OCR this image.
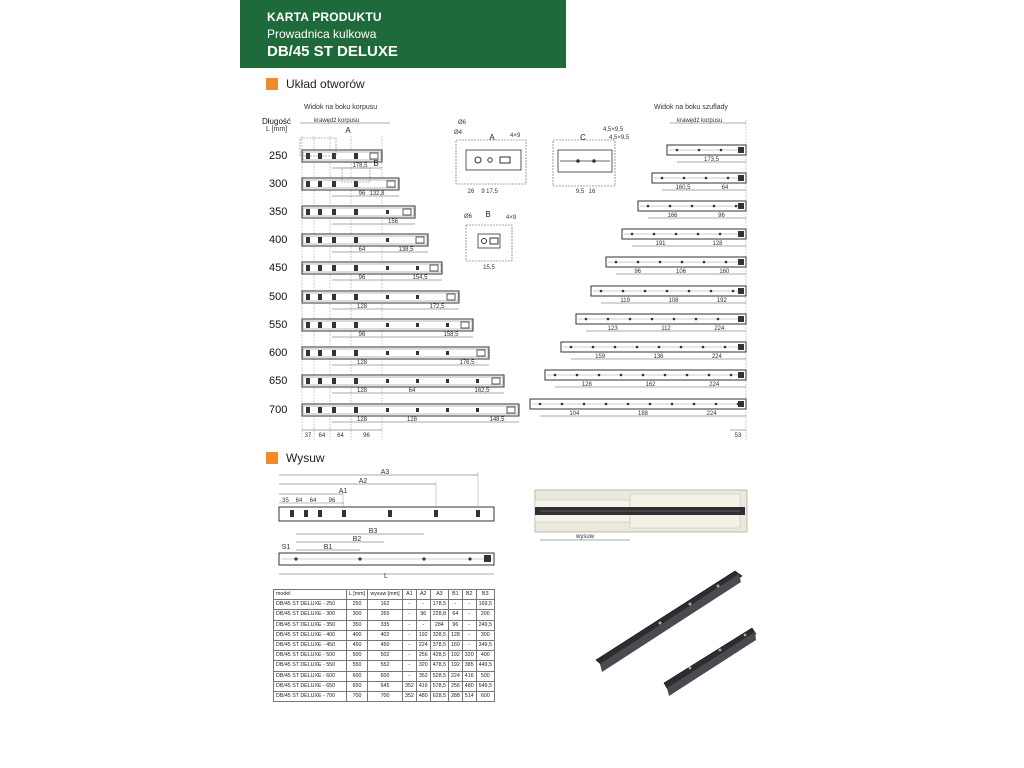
KARTA PRODUKTU
Prowadnica kulkowa
DB/45 ST DELUXE
Układ otworów
Widok na boku korpusu	Widok na boku szuflady
krawędź korpusu	krawędź korpusu
Długość
L [mm]
250
300
350
400
450
500
550
600
650
700
178,5
132,8
96
156
138,5
64
154,5
96
172,5
128
158,5
96
176,5
128
162,5
128	64
148,5
128	128
A
B
37 64 64	96
173,5
160,5	64
166	96
191	128
96	106	160
119	108	192
123	112	224
159	136	224
128	162	224
104	188	224
53
A
Ø6
Ø4	4×9
26 9 17,5
B
Ø6	4×9
15,5
C
4,5×9,5
4,5×9,5
9,5 16
A1
A2
A3
35 64 64 96
B3
B2
B1
S1
L
wysuw
Wysuw
model	L [mm]	wysuw [mm]	A1	A2	A3	B1	B2	B3
DB/45 ST DELUXE - 250	250	162	-	-	178,5	-	-	169,5
DB/45 ST DELUXE - 300	300	265	-	96	228,8	64	-	200
DB/45 ST DELUXE - 350	350	335	-	-	284	96	-	249,5
DB/45 ST DELUXE - 400	400	402	-	192	328,5	128	-	300
DB/45 ST DELUXE - 450	450	450	-	224	378,5	160	-	349,5
DB/45 ST DELUXE - 500	500	502	-	256	428,5	192	320	400
DB/45 ST DELUXE - 550	550	552	-	320	478,5	192	385	449,5
DB/45 ST DELUXE - 600	600	600	-	352	528,5	224	416	500
DB/45 ST DELUXE - 650	650	645	352	416	578,5	256	480	549,5
DB/45 ST DELUXE - 700	700	700	352	480	628,5	288	514	600
